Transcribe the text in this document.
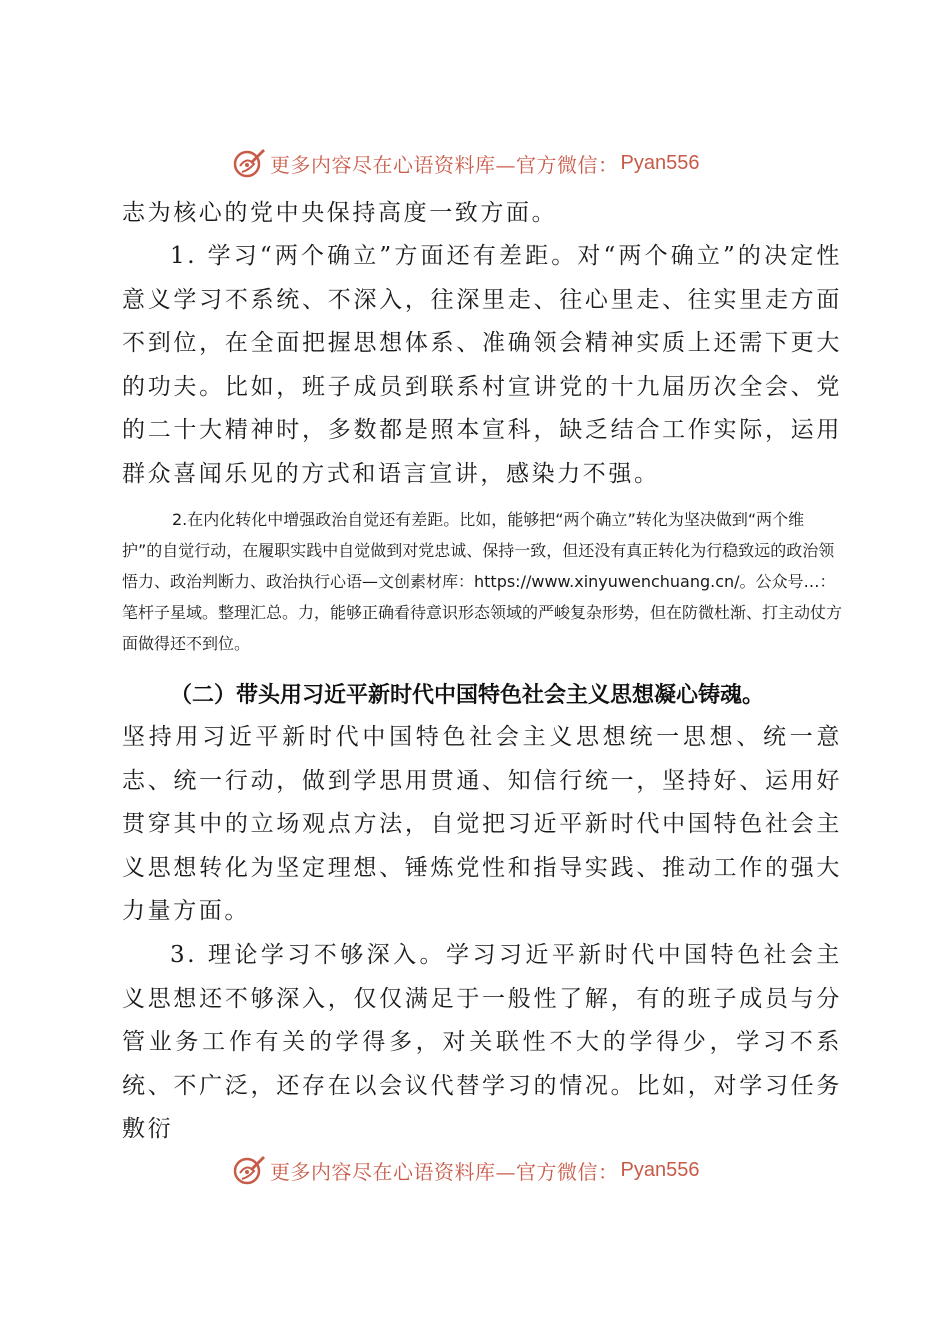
更多内容尽在心语资料库—官方微信： Pyan556

志为核心的党中央保持高度一致方面。

1. 学习“两个确立”方面还有差距。对“两个确立”的决定性意义学习不系统、不深入，往深里走、往心里走、往实里走方面不到位，在全面把握思想体系、准确领会精神实质上还需下更大的功夫。比如，班子成员到联系村宣讲党的十九届历次全会、党的二十大精神时，多数都是照本宣科，缺乏结合工作实际，运用群众喜闻乐见的方式和语言宣讲，感染力不强。

2.在内化转化中增强政治自觉还有差距。比如，能够把“两个确立”转化为坚决做到“两个维护”的自觉行动，在履职实践中自觉做到对党忠诚、保持一致，但还没有真正转化为行稳致远的政治领悟力、政治判断力、政治执行心语—文创素材库：https://www.xinyuwenchuang.cn/。公众号…：笔杆子星域。整理汇总。力，能够正确看待意识形态领域的严峻复杂形势，但在防微杜渐、打主动仗方面做得还不到位。

（二）带头用习近平新时代中国特色社会主义思想凝心铸魂。

坚持用习近平新时代中国特色社会主义思想统一思想、统一意志、统一行动，做到学思用贯通、知信行统一，坚持好、运用好贯穿其中的立场观点方法，自觉把习近平新时代中国特色社会主义思想转化为坚定理想、锤炼党性和指导实践、推动工作的强大力量方面。

3. 理论学习不够深入。学习习近平新时代中国特色社会主义思想还不够深入，仅仅满足于一般性了解，有的班子成员与分管业务工作有关的学得多，对关联性不大的学得少，学习不系统、不广泛，还存在以会议代替学习的情况。比如，对学习任务敷衍

更多内容尽在心语资料库—官方微信： Pyan556
